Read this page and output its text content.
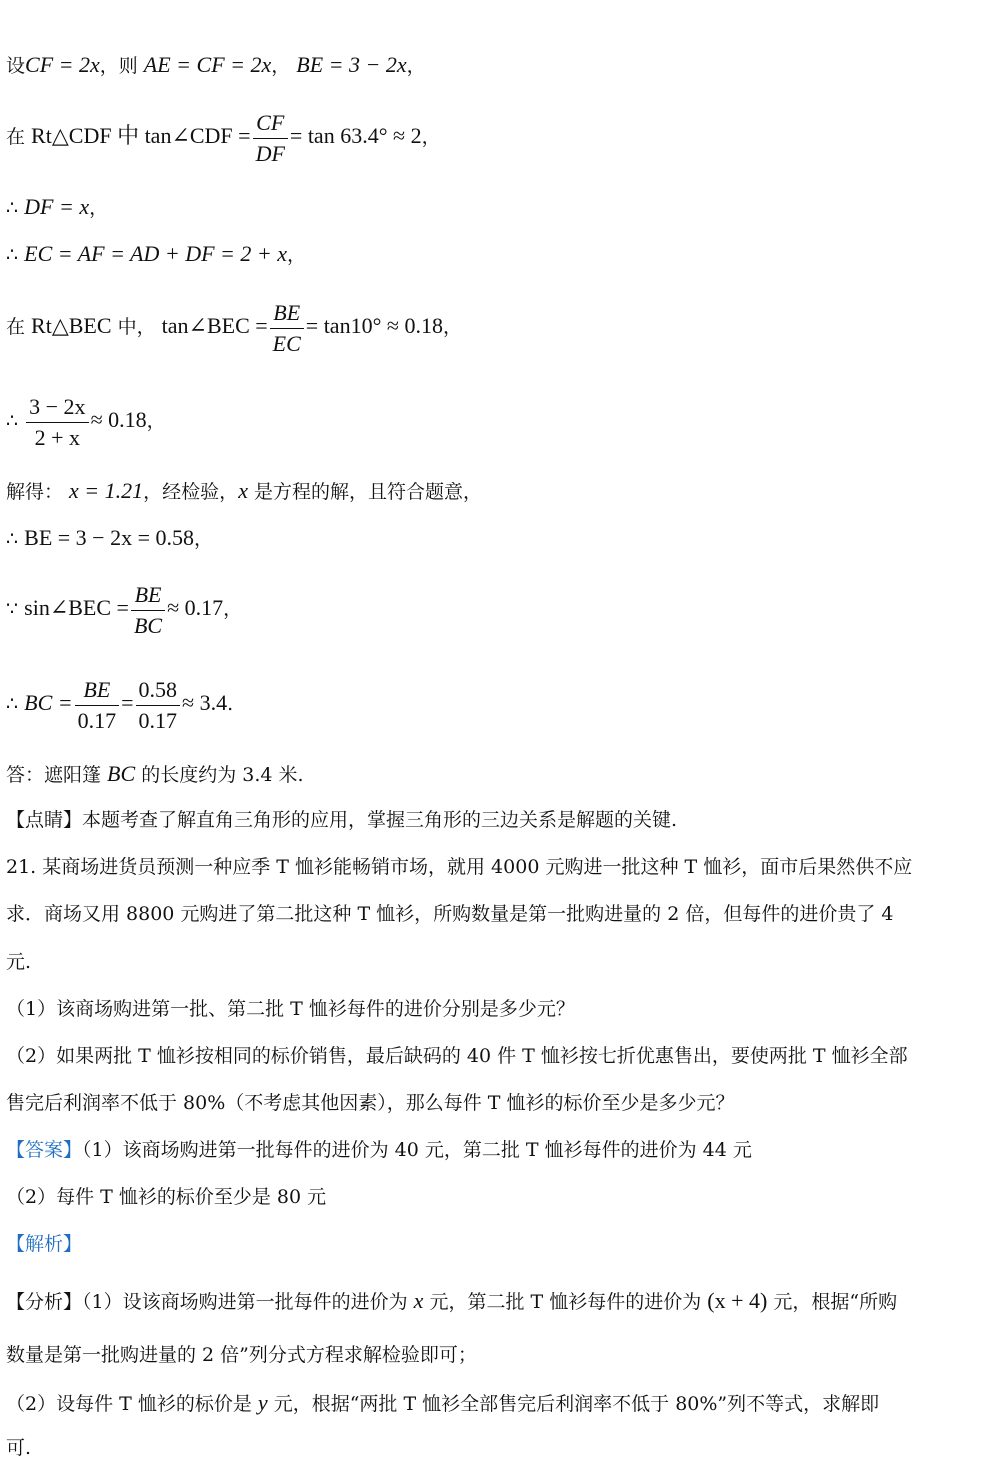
设CF = 2x，则 AE = CF = 2x， BE = 3 − 2x，
在 Rt△CDF 中 tan∠CDF = $\frac{CF}{DF} = \tan 63.4^\circ \approx 2$，
∴ DF = x，
∴ EC = AF = AD + DF = 2 + x，
在 Rt△BEC 中， tan∠BEC = $\frac{BE}{EC} = \tan 10^\circ \approx 0.18$，
∴ $\frac{3 - 2x}{2 + x} \approx 0.18$，
解得： x = 1.21，经检验，x 是方程的解，且符合题意，
∴ BE = 3 − 2x = 0.58，
∵ sin∠BEC = $\frac{BE}{BC} \approx 0.17$，
∴ BC = $\frac{BE}{0.17} = \frac{0.58}{0.17} \approx 3.4$.
答：遮阳篷 BC 的长度约为 3.4 米.
【点睛】本题考查了解直角三角形的应用，掌握三角形的三边关系是解题的关键.
21. 某商场进货员预测一种应季 T 恤衫能畅销市场，就用 4000 元购进一批这种 T 恤衫，面市后果然供不应
求．商场又用 8800 元购进了第二批这种 T 恤衫，所购数量是第一批购进量的 2 倍，但每件的进价贵了 4
元.
（1）该商场购进第一批、第二批 T 恤衫每件的进价分别是多少元？
（2）如果两批 T 恤衫按相同的标价销售，最后缺码的 40 件 T 恤衫按七折优惠售出，要使两批 T 恤衫全部
售完后利润率不低于 80%（不考虑其他因素），那么每件 T 恤衫的标价至少是多少元？
【答案】（1）该商场购进第一批每件的进价为 40 元，第二批 T 恤衫每件的进价为 44 元
（2）每件 T 恤衫的标价至少是 80 元
【解析】
【分析】（1）设该商场购进第一批每件的进价为 x 元，第二批 T 恤衫每件的进价为 (x + 4) 元，根据“所购
数量是第一批购进量的 2 倍”列分式方程求解检验即可；
（2）设每件 T 恤衫的标价是 y 元，根据“两批 T 恤衫全部售完后利润率不低于 80%”列不等式，求解即
可.
